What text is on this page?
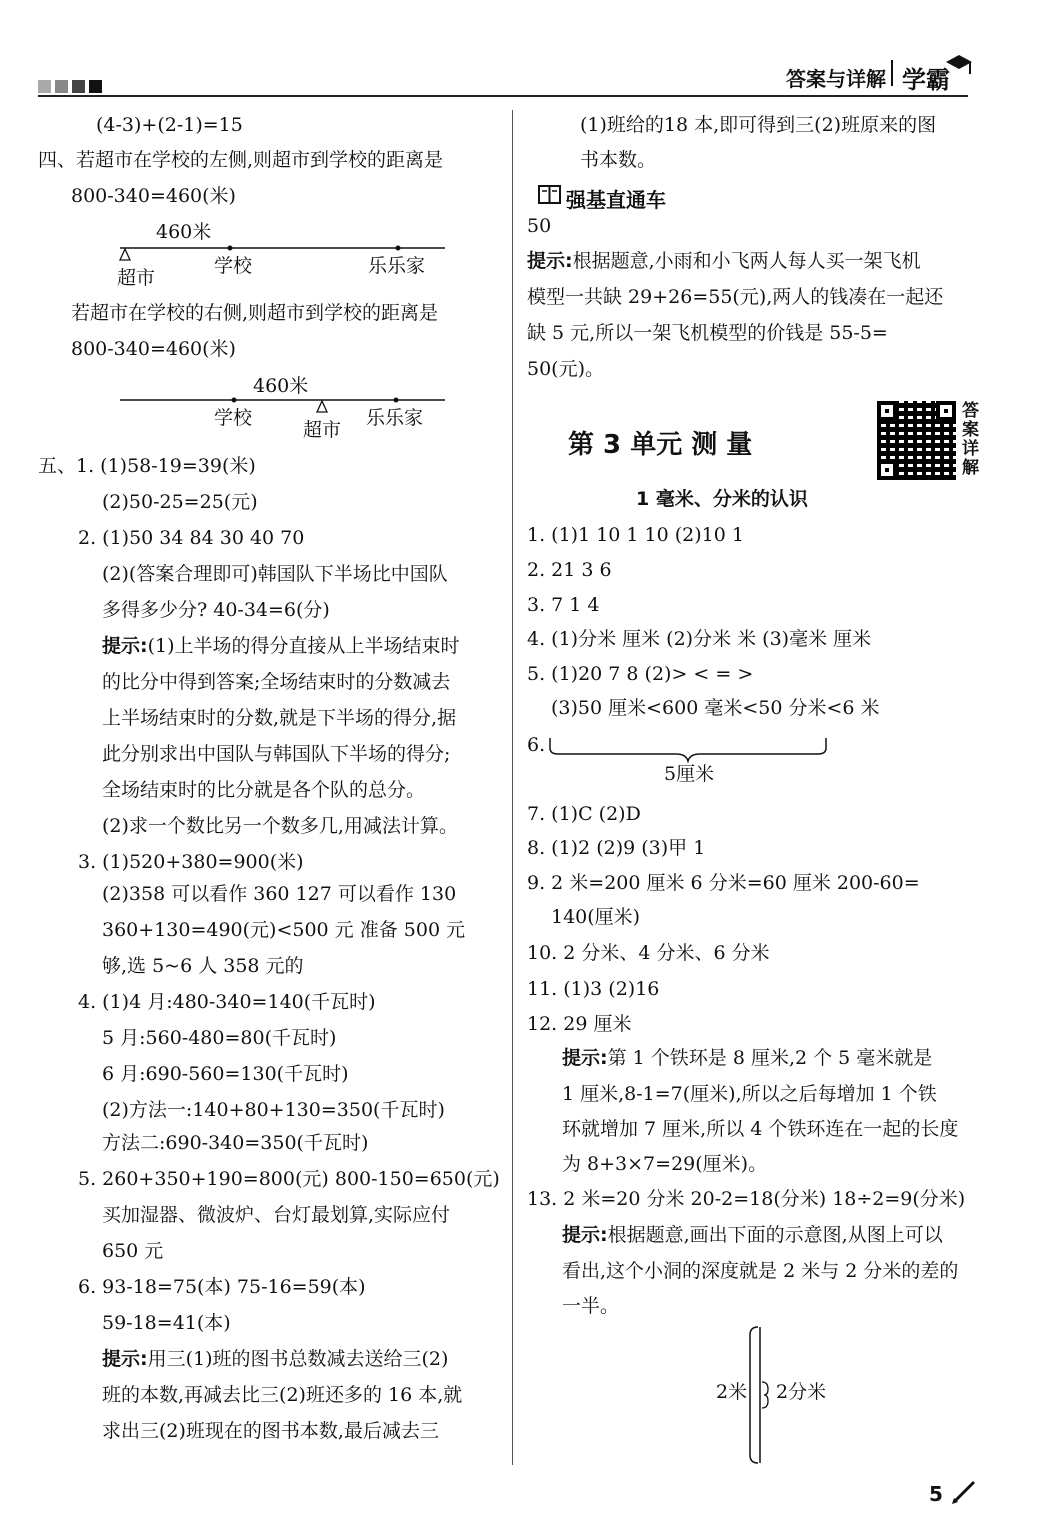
答案与详解 学霸
(4-3)+(2-1)=15
四、若超市在学校的左侧,则超市到学校的距离是
800-340=460(米)
460米
超市
学校	乐乐家
若超市在学校的右侧,则超市到学校的距离是
800-340=460(米)
460米
学校
超市
乐乐家
五、1. (1)58-19=39(米)
(2)50-25=25(元)
2. (1)50 34 84 30 40 70
(2)(答案合理即可)韩国队下半场比中国队
多得多少分? 40-34=6(分)
提示:(1)上半场的得分直接从上半场结束时
的比分中得到答案;全场结束时的分数减去
上半场结束时的分数,就是下半场的得分,据
此分别求出中国队与韩国队下半场的得分;
全场结束时的比分就是各个队的总分。
(2)求一个数比另一个数多几,用减法计算。
3. (1)520+380=900(米)
(2)358 可以看作 360 127 可以看作 130
360+130=490(元)<500 元 准备 500 元
够,选 5~6 人 358 元的
4. (1)4 月:480-340=140(千瓦时)
5 月:560-480=80(千瓦时)
6 月:690-560=130(千瓦时)
(2)方法一:140+80+130=350(千瓦时)
方法二:690-340=350(千瓦时)
5. 260+350+190=800(元) 800-150=650(元)
买加湿器、微波炉、台灯最划算,实际应付
650 元
6. 93-18=75(本) 75-16=59(本)
59-18=41(本)
提示:用三(1)班的图书总数减去送给三(2)
班的本数,再减去比三(2)班还多的 16 本,就
求出三(2)班现在的图书本数,最后减去三
(1)班给的18 本,即可得到三(2)班原来的图
书本数。
强基直通车
50
提示:根据题意,小雨和小飞两人每人买一架飞机
模型一共缺 29+26=55(元),两人的钱凑在一起还
缺 5 元,所以一架飞机模型的价钱是 55-5=
50(元)。
第 3 单元 测 量
答案详解
1 毫米、分米的认识
1. (1)1 10 1 10 (2)10 1
2. 21 3 6
3. 7 1 4
4. (1)分米 厘米 (2)分米 米 (3)毫米 厘米
5. (1)20 7 8 (2)> < = >
(3)50 厘米<600 毫米<50 分米<6 米
6.
5厘米
7. (1)C (2)D
8. (1)2 (2)9 (3)甲 1
9. 2 米=200 厘米 6 分米=60 厘米 200-60=
140(厘米)
10. 2 分米、4 分米、6 分米
11. (1)3 (2)16
12. 29 厘米
提示:第 1 个铁环是 8 厘米,2 个 5 毫米就是
1 厘米,8-1=7(厘米),所以之后每增加 1 个铁
环就增加 7 厘米,所以 4 个铁环连在一起的长度
为 8+3×7=29(厘米)。
13. 2 米=20 分米 20-2=18(分米) 18÷2=9(分米)
提示:根据题意,画出下面的示意图,从图上可以
看出,这个小洞的深度就是 2 米与 2 分米的差的
一半。
2米 2分米
5
